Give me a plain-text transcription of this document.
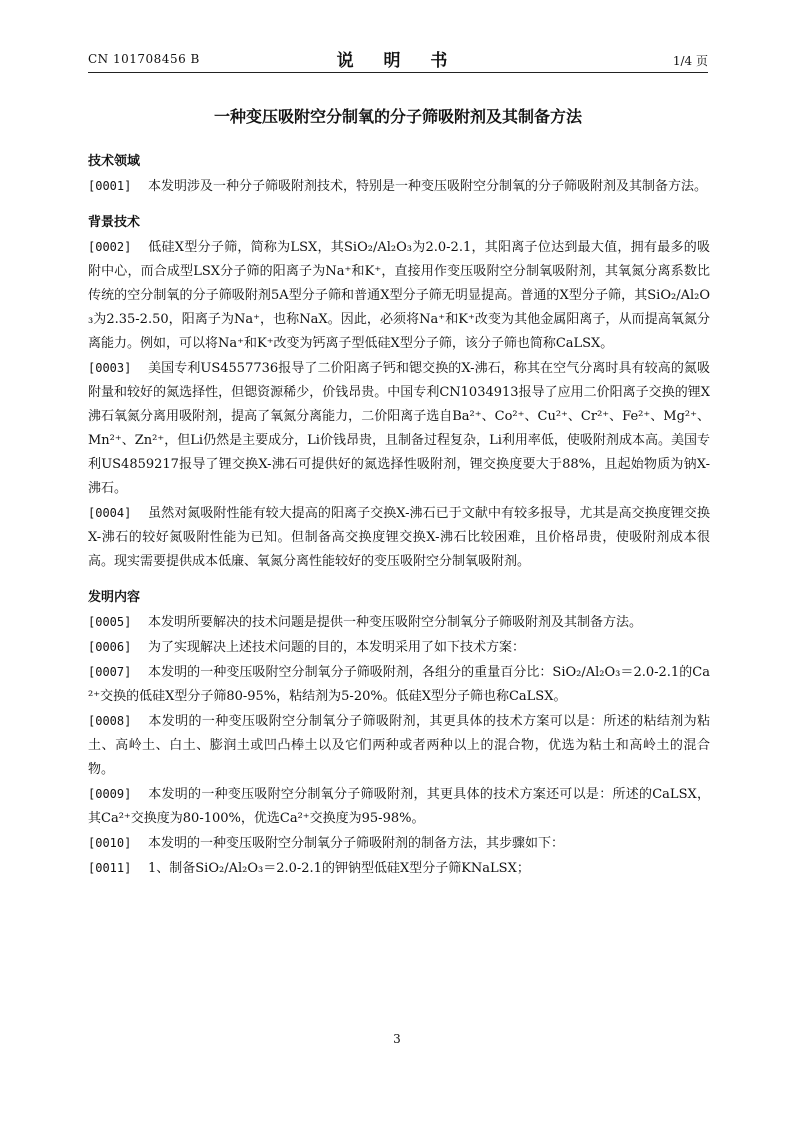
CN 101708456 B	说 明 书	1/4 页
一种变压吸附空分制氧的分子筛吸附剂及其制备方法
技术领域
[0001] 本发明涉及一种分子筛吸附剂技术，特别是一种变压吸附空分制氧的分子筛吸附剂及其制备方法。
背景技术
[0002] 低硅X型分子筛，简称为LSX，其SiO₂/Al₂O₃为2.0-2.1，其阳离子位达到最大值，拥有最多的吸附中心，而合成型LSX分子筛的阳离子为Na⁺和K⁺，直接用作变压吸附空分制氧吸附剂，其氧氮分离系数比传统的空分制氧的分子筛吸附剂5A型分子筛和普通X型分子筛无明显提高。普通的X型分子筛，其SiO₂/Al₂O₃为2.35-2.50，阳离子为Na⁺，也称NaX。因此，必须将Na⁺和K⁺改变为其他金属阳离子，从而提高氧氮分离能力。例如，可以将Na⁺和K⁺改变为钙离子型低硅X型分子筛，该分子筛也简称CaLSX。
[0003] 美国专利US4557736报导了二价阳离子钙和锶交换的X-沸石，称其在空气分离时具有较高的氮吸附量和较好的氮选择性，但锶资源稀少，价钱昂贵。中国专利CN1034913报导了应用二价阳离子交换的锂X沸石氧氮分离用吸附剂，提高了氧氮分离能力，二价阳离子选自Ba²⁺、Co²⁺、Cu²⁺、Cr²⁺、Fe²⁺、Mg²⁺、Mn²⁺、Zn²⁺，但Li仍然是主要成分，Li价钱昂贵，且制备过程复杂，Li利用率低，使吸附剂成本高。美国专利US4859217报导了锂交换X-沸石可提供好的氮选择性吸附剂，锂交换度要大于88%，且起始物质为钠X-沸石。
[0004] 虽然对氮吸附性能有较大提高的阳离子交换X-沸石已于文献中有较多报导，尤其是高交换度锂交换X-沸石的较好氮吸附性能为已知。但制备高交换度锂交换X-沸石比较困难，且价格昂贵，使吸附剂成本很高。现实需要提供成本低廉、氧氮分离性能较好的变压吸附空分制氧吸附剂。
发明内容
[0005] 本发明所要解决的技术问题是提供一种变压吸附空分制氧分子筛吸附剂及其制备方法。
[0006] 为了实现解决上述技术问题的目的，本发明采用了如下技术方案：
[0007] 本发明的一种变压吸附空分制氧分子筛吸附剂，各组分的重量百分比：SiO₂/Al₂O₃＝2.0-2.1的Ca²⁺交换的低硅X型分子筛80-95%，粘结剂为5-20%。低硅X型分子筛也称CaLSX。
[0008] 本发明的一种变压吸附空分制氧分子筛吸附剂，其更具体的技术方案可以是：所述的粘结剂为粘土、高岭土、白土、膨润土或凹凸棒土以及它们两种或者两种以上的混合物，优选为粘土和高岭土的混合物。
[0009] 本发明的一种变压吸附空分制氧分子筛吸附剂，其更具体的技术方案还可以是：所述的CaLSX，其Ca²⁺交换度为80-100%，优选Ca²⁺交换度为95-98%。
[0010] 本发明的一种变压吸附空分制氧分子筛吸附剂的制备方法，其步骤如下：
[0011] 1、制备SiO₂/Al₂O₃＝2.0-2.1的钾钠型低硅X型分子筛KNaLSX；
3
